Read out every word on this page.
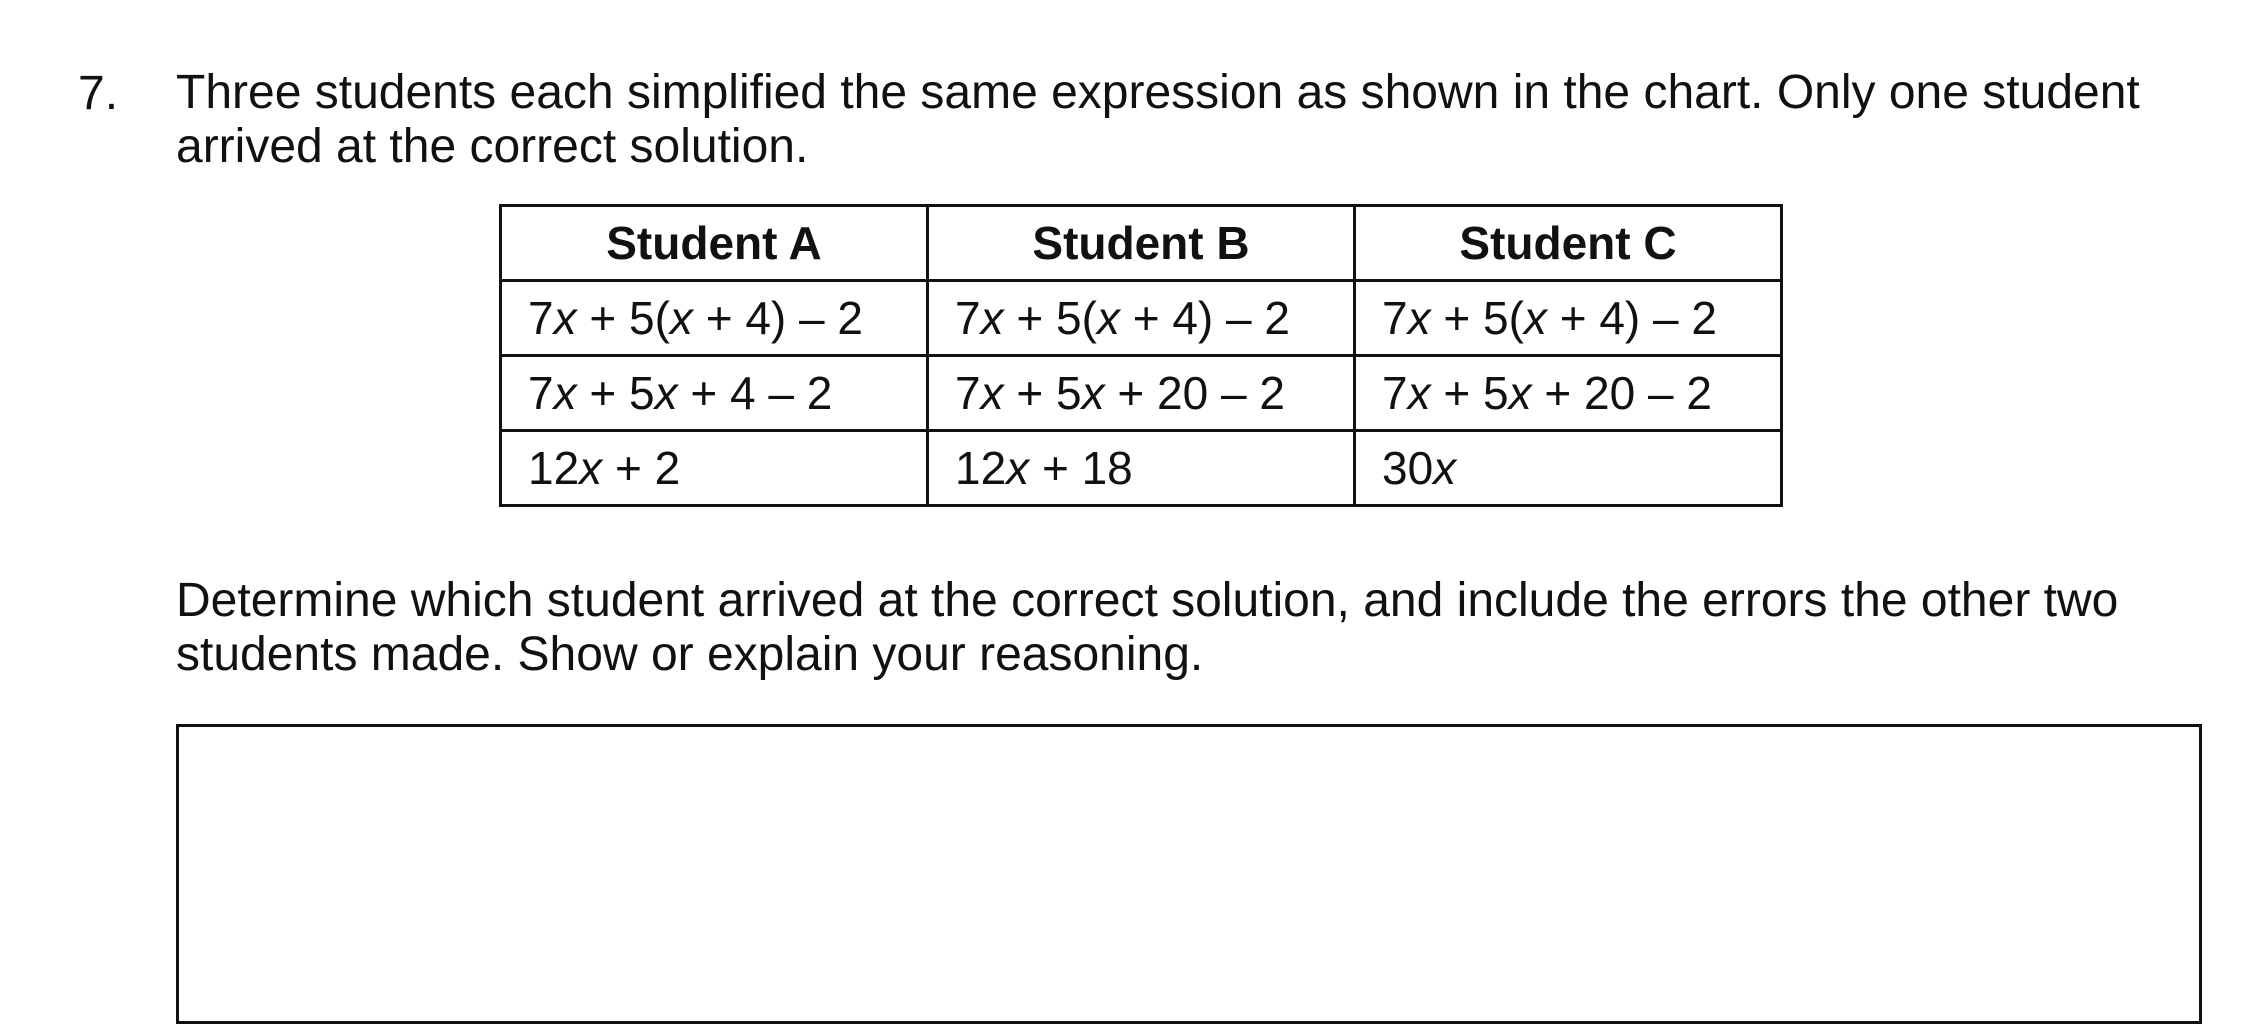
7. Three students each simplified the same expression as shown in the chart. Only one student

arrived at the correct solution.

Student A	Student B	Student C
7x + 5(x + 4) – 2	7x + 5(x + 4) – 2	7x + 5(x + 4) – 2
7x + 5x + 4 – 2	7x + 5x + 20 – 2	7x + 5x + 20 – 2
12x + 2	12x + 18	30x

Determine which student arrived at the correct solution, and include the errors the other two

students made. Show or explain your reasoning.
